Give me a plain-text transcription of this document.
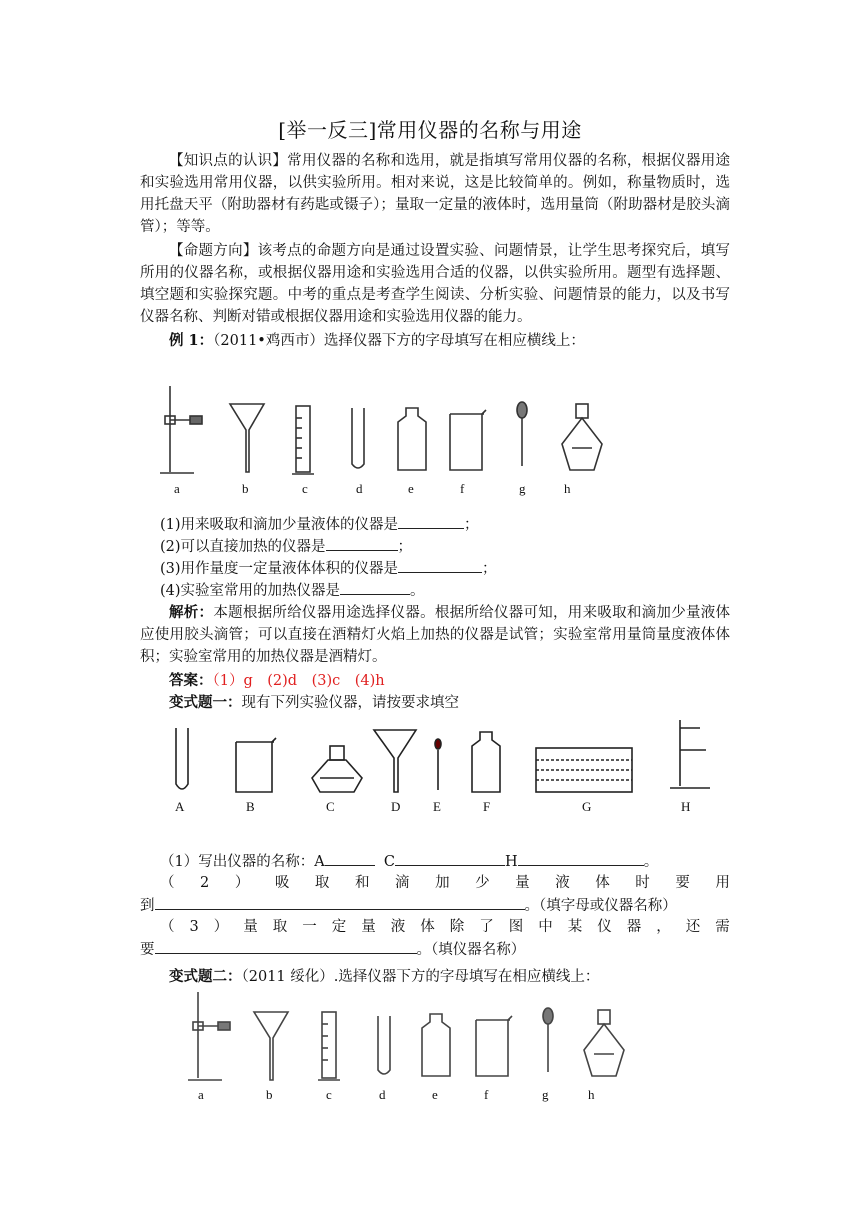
[举一反三]常用仪器的名称与用途

【知识点的认识】常用仪器的名称和选用，就是指填写常用仪器的名称，根据仪器用途和实验选用常用仪器，以供实验所用。相对来说，这是比较简单的。例如，称量物质时，选用托盘天平（附助器材有药匙或镊子）；量取一定量的液体时，选用量筒（附助器材是胶头滴管）；等等。

【命题方向】该考点的命题方向是通过设置实验、问题情景，让学生思考探究后，填写所用的仪器名称，或根据仪器用途和实验选用合适的仪器，以供实验所用。题型有选择题、填空题和实验探究题。中考的重点是考查学生阅读、分析实验、问题情景的能力，以及书写仪器名称、判断对错或根据仪器用途和实验选用仪器的能力。

例 1：（2011•鸡西市）选择仪器下方的字母填写在相应横线上：

a	b	c	d	e	f	g	h

(1)用来吸取和滴加少量液体的仪器是	；

(2)可以直接加热的仪器是	；

(3)用作量度一定量液体体积的仪器是	；

(4)实验室常用的加热仪器是	。

解析：本题根据所给仪器用途选择仪器。根据所给仪器可知，用来吸取和滴加少量液体应使用胶头滴管；可以直接在酒精灯火焰上加热的仪器是试管；实验室常用量筒量度液体体积；实验室常用的加热仪器是酒精灯。

答案：（1）g　(2)d　(3)c　(4)h

变式题一：现有下列实验仪器，请按要求填空

A	B	C	D	E	F	G	H

（1）写出仪器的名称：A	C	H	。

（ 2 ） 吸 取 和 滴 加 少 量 液 体 时 要 用

到	。（填字母或仪器名称）

（ 3 ） 量 取 一 定 量 液 体 除 了 图 中 某 仪 器 ， 还 需

要	。（填仪器名称）

变式题二：（2011 绥化）.选择仪器下方的字母填写在相应横线上：

a	b	c	d	e	f	g	h
